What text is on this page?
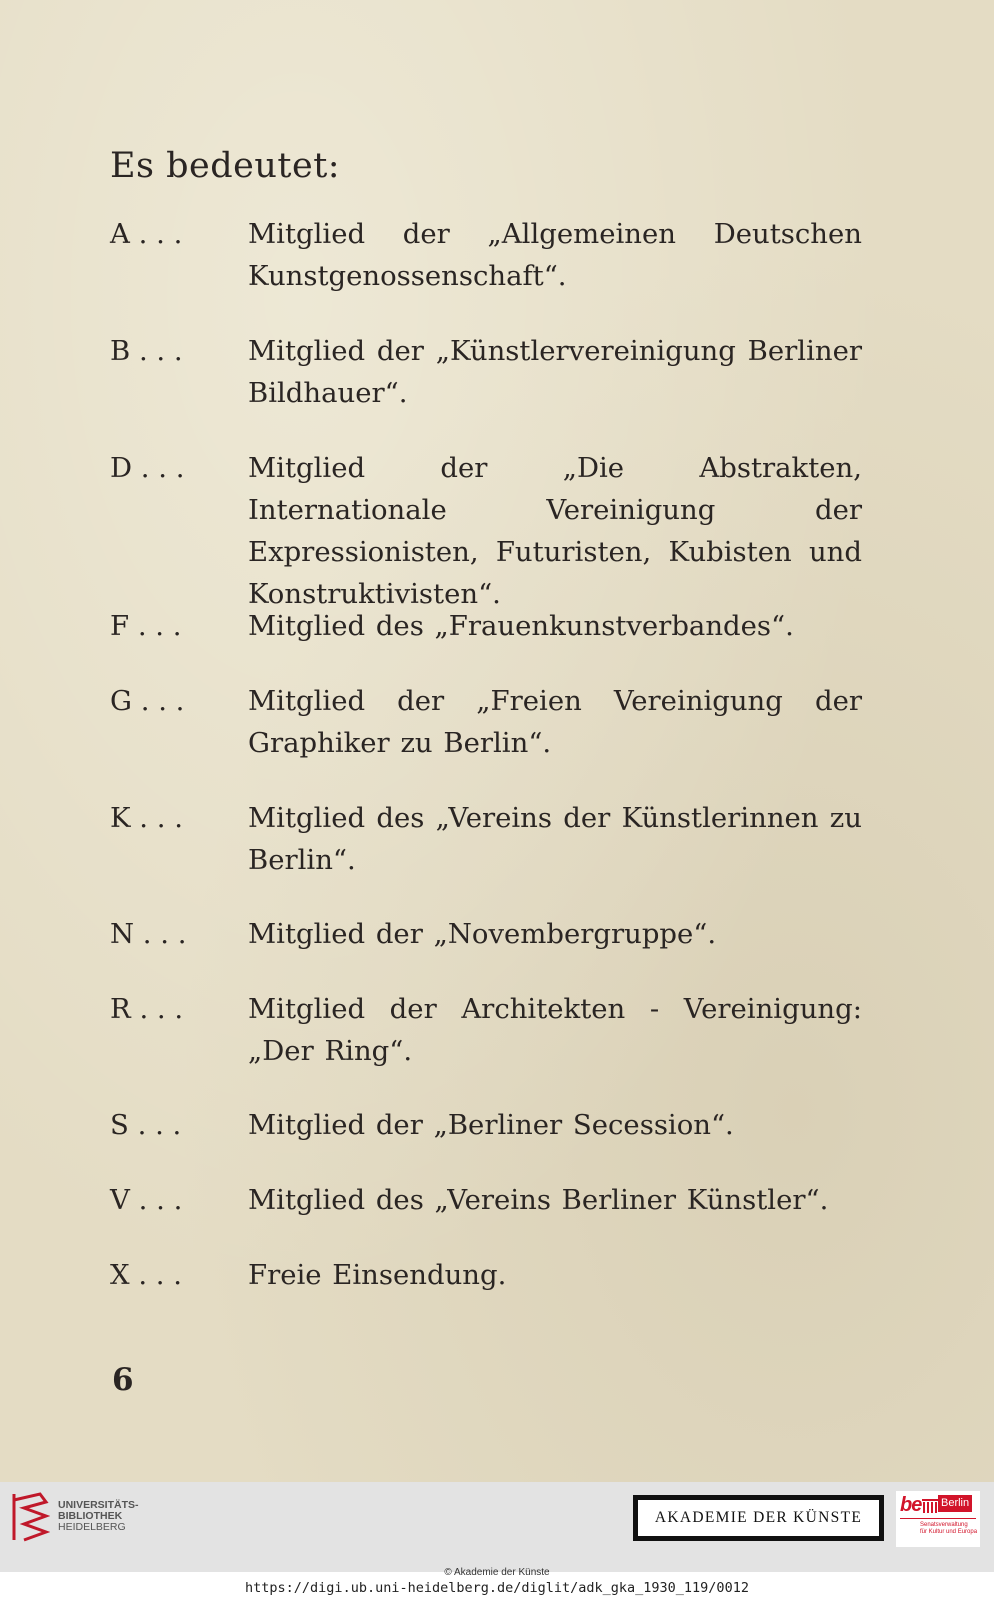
Es bedeutet:
A . . .	Mitglied der „Allgemeinen Deutschen Kunstgenossenschaft“.
B . . .	Mitglied der „Künstlervereinigung Berliner Bildhauer“.
D . . .	Mitglied der „Die Abstrakten, Internationale Vereinigung der Expressionisten, Futuristen, Kubisten und Konstruktivisten“.
F . . .	Mitglied des „Frauenkunstverbandes“.
G . . .	Mitglied der „Freien Vereinigung der Graphiker zu Berlin“.
K . . .	Mitglied des „Vereins der Künstlerinnen zu Berlin“.
N . . .	Mitglied der „Novembergruppe“.
R . . .	Mitglied der Architekten - Vereinigung: „Der Ring“.
S . . .	Mitglied der „Berliner Secession“.
V . . .	Mitglied des „Vereins Berliner Künstler“.
X . . .	Freie Einsendung.
6
UNIVERSITÄTS-
BIBLIOTHEK
HEIDELBERG
AKADEMIE DER KÜNSTE
be Berlin
Senatsverwaltung
für Kultur und Europa
© Akademie der Künste
https://digi.ub.uni-heidelberg.de/diglit/adk_gka_1930_119/0012
